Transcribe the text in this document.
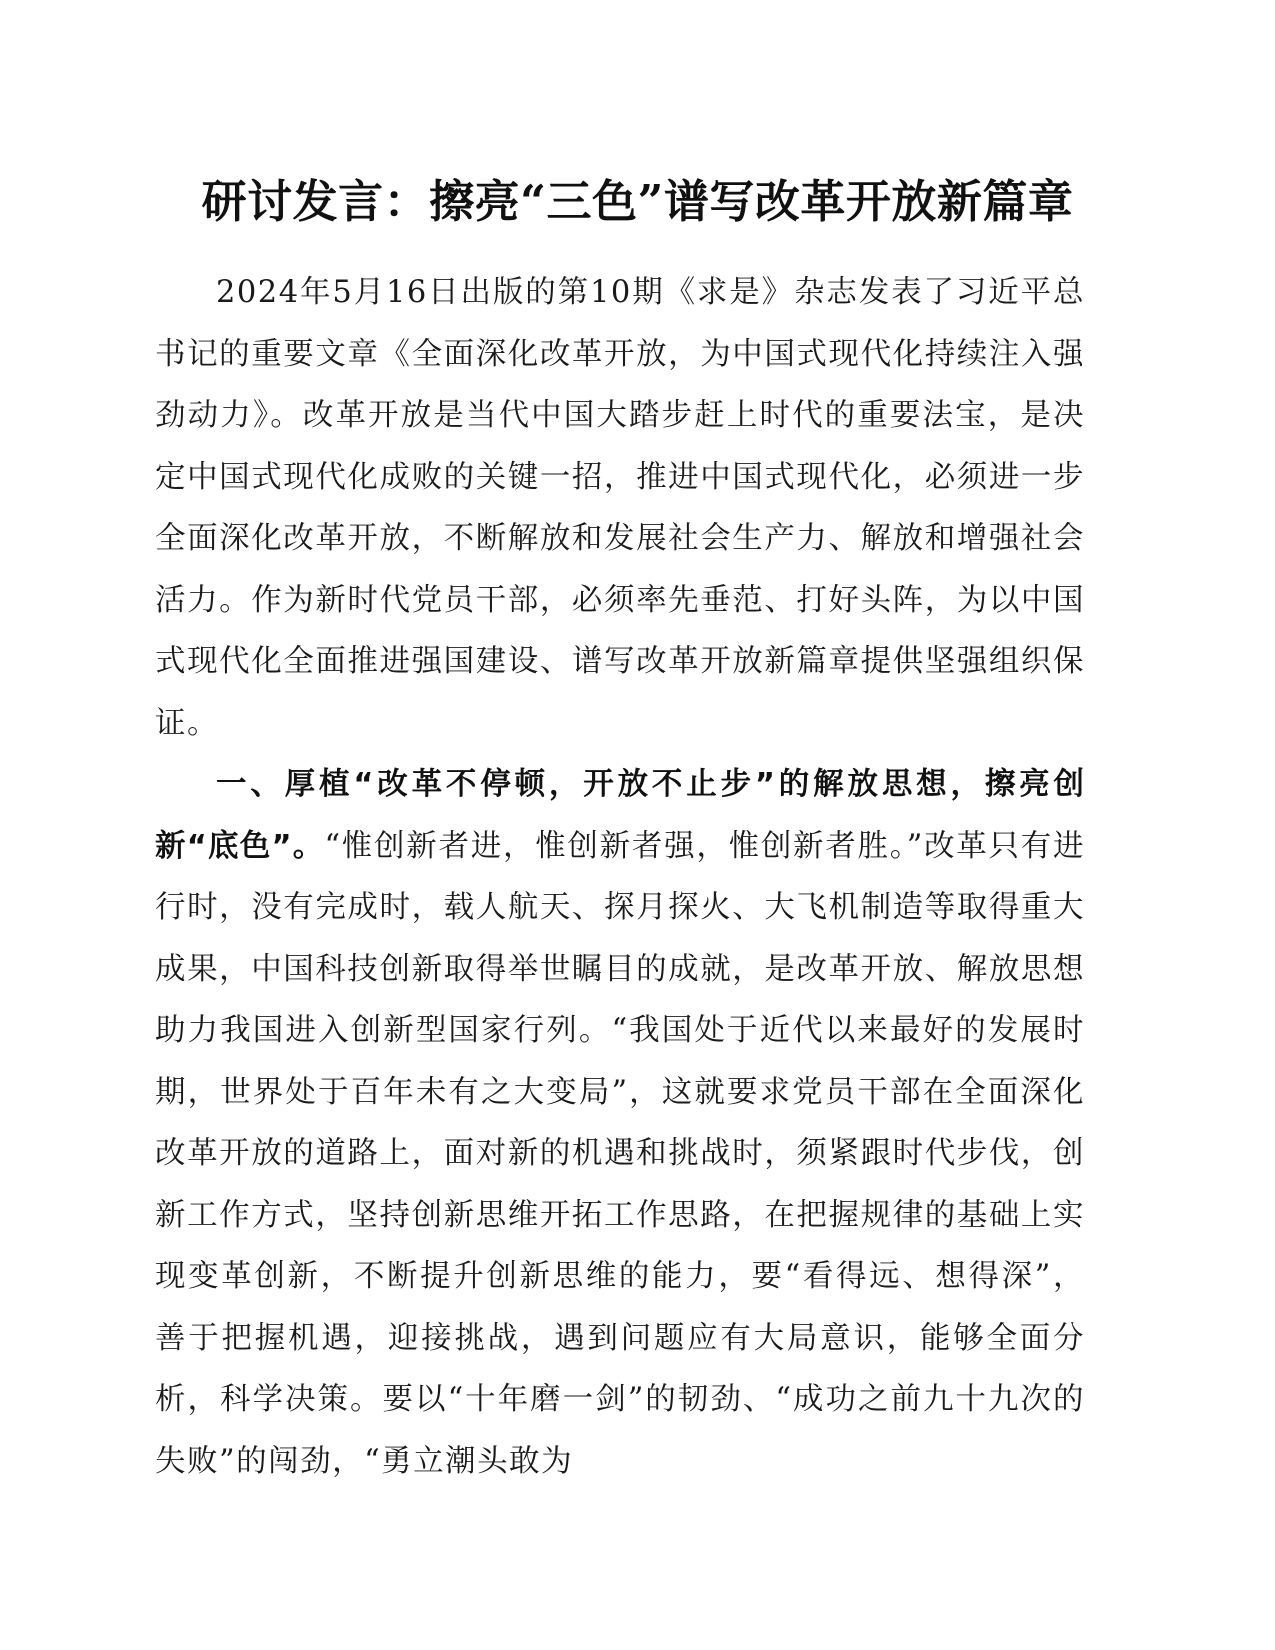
研讨发言：擦亮“三色”谱写改革开放新篇章

2024年5月16日出版的第10期《求是》杂志发表了习近平总书记的重要文章《全面深化改革开放，为中国式现代化持续注入强劲动力》。改革开放是当代中国大踏步赶上时代的重要法宝，是决定中国式现代化成败的关键一招，推进中国式现代化，必须进一步全面深化改革开放，不断解放和发展社会生产力、解放和增强社会活力。作为新时代党员干部，必须率先垂范、打好头阵，为以中国式现代化全面推进强国建设、谱写改革开放新篇章提供坚强组织保证。

一、厚植“改革不停顿，开放不止步”的解放思想，擦亮创新“底色”。“惟创新者进，惟创新者强，惟创新者胜。”改革只有进行时，没有完成时，载人航天、探月探火、大飞机制造等取得重大成果，中国科技创新取得举世瞩目的成就，是改革开放、解放思想助力我国进入创新型国家行列。“我国处于近代以来最好的发展时期，世界处于百年未有之大变局”，这就要求党员干部在全面深化改革开放的道路上，面对新的机遇和挑战时，须紧跟时代步伐，创新工作方式，坚持创新思维开拓工作思路，在把握规律的基础上实现变革创新，不断提升创新思维的能力，要“看得远、想得深”，善于把握机遇，迎接挑战，遇到问题应有大局意识，能够全面分析，科学决策。要以“十年磨一剑”的韧劲、“成功之前九十九次的失败”的闯劲，“勇立潮头敢为
